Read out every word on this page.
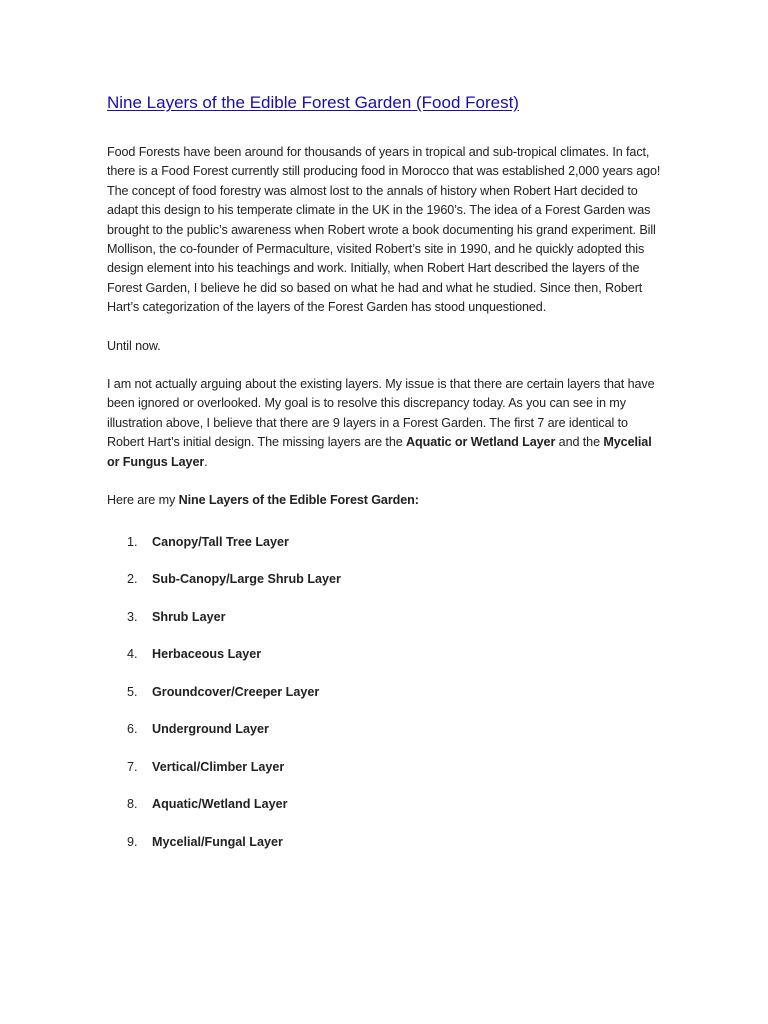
Nine Layers of the Edible Forest Garden (Food Forest)

Food Forests have been around for thousands of years in tropical and sub-tropical climates. In fact, there is a Food Forest currently still producing food in Morocco that was established 2,000 years ago! The concept of food forestry was almost lost to the annals of history when Robert Hart decided to adapt this design to his temperate climate in the UK in the 1960’s. The idea of a Forest Garden was brought to the public’s awareness when Robert wrote a book documenting his grand experiment. Bill Mollison, the co-founder of Permaculture, visited Robert’s site in 1990, and he quickly adopted this design element into his teachings and work. Initially, when Robert Hart described the layers of the Forest Garden, I believe he did so based on what he had and what he studied. Since then, Robert Hart’s categorization of the layers of the Forest Garden has stood unquestioned.

Until now.

I am not actually arguing about the existing layers. My issue is that there are certain layers that have been ignored or overlooked. My goal is to resolve this discrepancy today. As you can see in my illustration above, I believe that there are 9 layers in a Forest Garden. The first 7 are identical to Robert Hart’s initial design. The missing layers are the Aquatic or Wetland Layer and the Mycelial or Fungus Layer.

Here are my Nine Layers of the Edible Forest Garden:

1.	Canopy/Tall Tree Layer
2.	Sub-Canopy/Large Shrub Layer
3.	Shrub Layer
4.	Herbaceous Layer
5.	Groundcover/Creeper Layer
6.	Underground Layer
7.	Vertical/Climber Layer
8.	Aquatic/Wetland Layer
9.	Mycelial/Fungal Layer
